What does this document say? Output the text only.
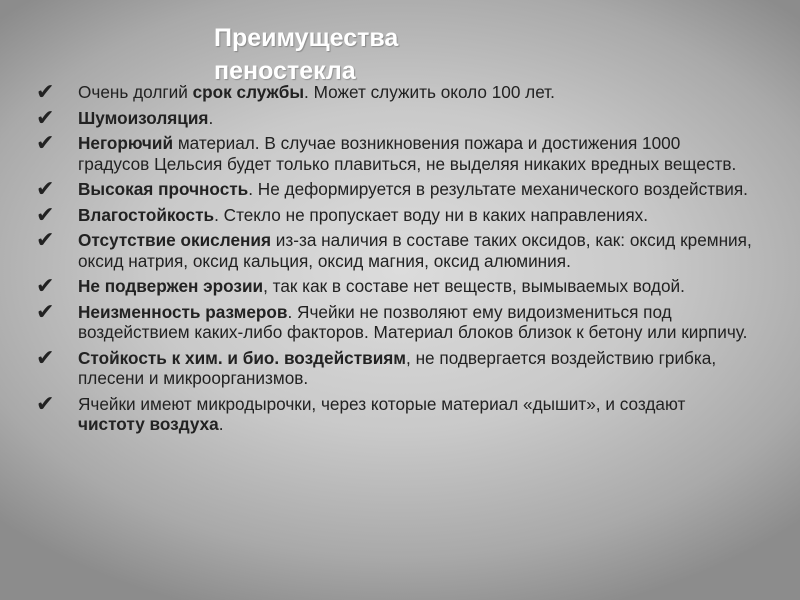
Преимущества пеностекла
✔	Очень долгий срок службы. Может служить около 100 лет.
✔	Шумоизоляция.
✔	Негорючий материал. В случае возникновения пожара и достижения 1000 градусов Цельсия будет только плавиться, не выделяя никаких вредных веществ.
✔	Высокая прочность. Не деформируется в результате механического воздействия.
✔	Влагостойкость. Стекло не пропускает воду ни в каких направлениях.
✔	Отсутствие окисления из-за наличия в составе таких оксидов, как: оксид кремния, оксид натрия, оксид кальция, оксид магния, оксид алюминия.
✔	Не подвержен эрозии, так как в составе нет веществ, вымываемых водой.
✔	Неизменность размеров. Ячейки не позволяют ему видоизмениться под воздействием каких-либо факторов. Материал блоков близок к бетону или кирпичу.
✔	Стойкость к хим. и био. воздействиям, не подвергается воздействию грибка, плесени и микроорганизмов.
✔	Ячейки имеют микродырочки, через которые материал «дышит», и создают чистоту воздуха.
